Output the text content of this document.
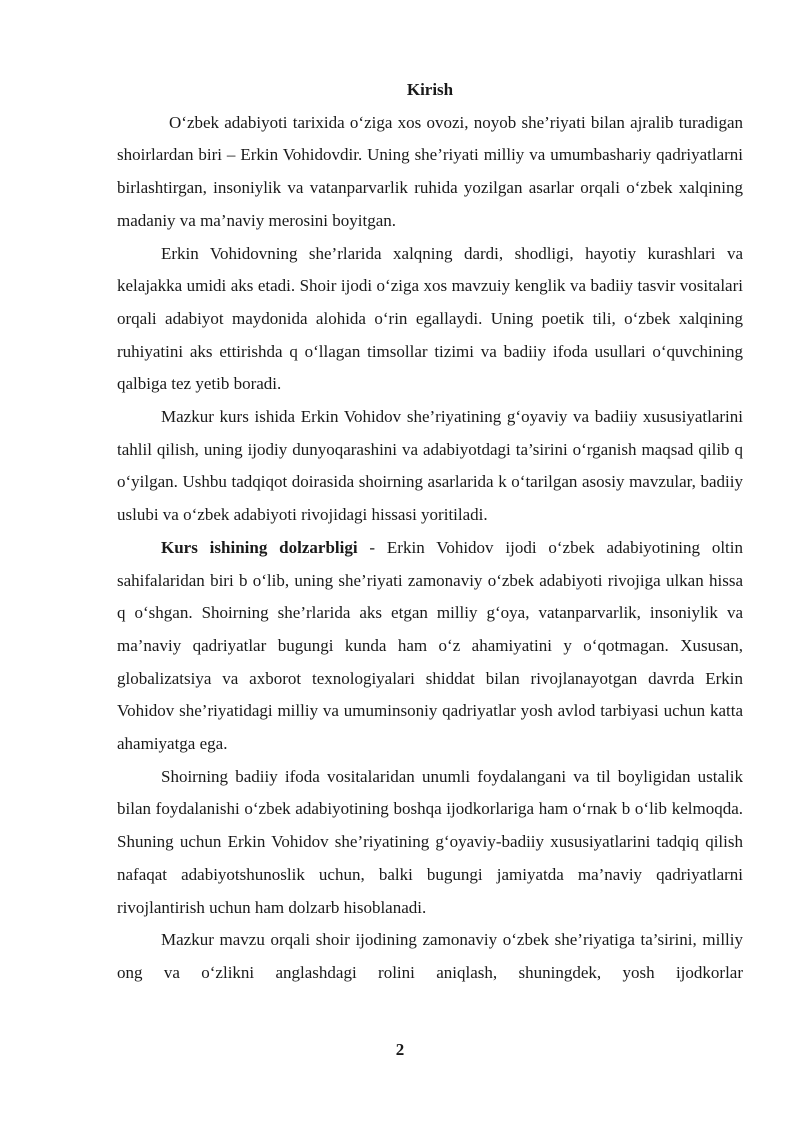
Kirish

O‘zbek adabiyoti tarixida o‘ziga xos ovozi, noyob she’riyati bilan ajralib turadigan shoirlardan biri – Erkin Vohidovdir. Uning she’riyati milliy va umumbashariy qadriyatlarni birlashtirgan, insoniylik va vatanparvarlik ruhida yozilgan asarlar orqali o‘zbek xalqining madaniy va ma’naviy merosini boyitgan.

Erkin Vohidovning she’rlarida xalqning dardi, shodligi, hayotiy kurashlari va kelajakka umidi aks etadi. Shoir ijodi o‘ziga xos mavzuiy kenglik va badiiy tasvir vositalari orqali adabiyot maydonida alohida o‘rin egallaydi. Uning poetik tili, o‘zbek xalqining ruhiyatini aks ettirishda q o‘llagan timsollar tizimi va badiiy ifoda usullari o‘quvchining qalbiga tez yetib boradi.

Mazkur kurs ishida Erkin Vohidov she’riyatining g‘oyaviy va badiiy xususiyatlarini tahlil qilish, uning ijodiy dunyoqarashini va adabiyotdagi ta’sirini o‘rganish maqsad qilib q o‘yilgan. Ushbu tadqiqot doirasida shoirning asarlarida k o‘tarilgan asosiy mavzular, badiiy uslubi va o‘zbek adabiyoti rivojidagi hissasi yoritiladi.

Kurs ishining dolzarbligi - Erkin Vohidov ijodi o‘zbek adabiyotining oltin sahifalaridan biri b o‘lib, uning she’riyati zamonaviy o‘zbek adabiyoti rivojiga ulkan hissa q o‘shgan. Shoirning she’rlarida aks etgan milliy g‘oya, vatanparvarlik, insoniylik va ma’naviy qadriyatlar bugungi kunda ham o‘z ahamiyatini y o‘qotmagan. Xususan, globalizatsiya va axborot texnologiyalari shiddat bilan rivojlanayotgan davrda Erkin Vohidov she’riyatidagi milliy va umuminsoniy qadriyatlar yosh avlod tarbiyasi uchun katta ahamiyatga ega.

Shoirning badiiy ifoda vositalaridan unumli foydalangani va til boyligidan ustalik bilan foydalanishi o‘zbek adabiyotining boshqa ijodkorlariga ham o‘rnak b o‘lib kelmoqda. Shuning uchun Erkin Vohidov she’riyatining g‘oyaviy-badiiy xususiyatlarini tadqiq qilish nafaqat adabiyotshunoslik uchun, balki bugungi jamiyatda ma’naviy qadriyatlarni rivojlantirish uchun ham dolzarb hisoblanadi.

Mazkur mavzu orqali shoir ijodining zamonaviy o‘zbek she’riyatiga ta’sirini, milliy ong va o‘zlikni anglashdagi rolini aniqlash, shuningdek, yosh ijodkorlar

2
